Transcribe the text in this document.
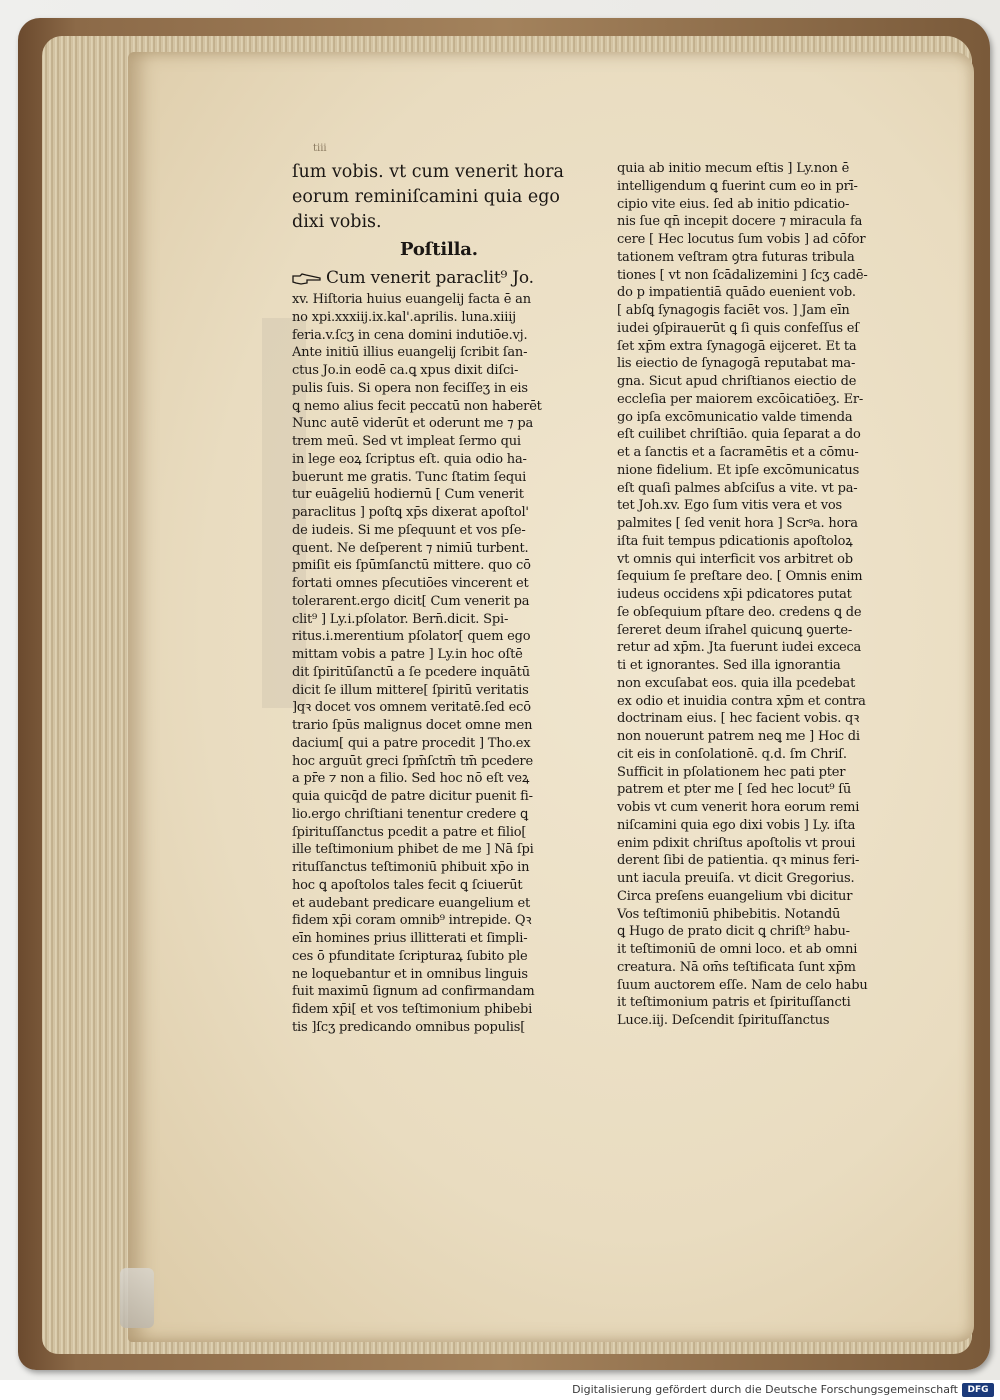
tiii
ſum vobis. vt cum venerit hora
eorum reminiſcamini quia ego
dixi vobis.
Poſtilla.
Cum venerit paraclit⁹ Jo.
xv. Hiſtoria huius euangelij facta ē an
no xpi.xxxiij.ix.kal'.aprilis. luna.xiiij
feria.v.ſcʒ in cena domini indutiōe.vj.
Ante initiū illius euangelij ſcribit ſan-
ctus Jo.in eodē ca.ꝗ xpus dixit diſci-
pulis ſuis. Si opera non feciſſeʒ in eis
ꝗ nemo alius fecit peccatū non haberēt
Nunc autē viderūt et oderunt me ⁊ pa
trem meū. Sed vt impleat ſermo qui
in lege eoꝝ ſcriptus eſt. quia odio ha-
buerunt me gratis. Tunc ſtatim ſequi
tur euāgeliū hodiernū [ Cum venerit
paraclitus ] poſtꝗ xp̄s dixerat apoſtol'
de iudeis. Si me pſequunt et vos pſe-
quent. Ne deſperent ⁊ nimiū turbent.
pmiſit eis ſpūmſanctū mittere. quo cō
fortati omnes pſecutiōes vincerent et
tolerarent.ergo dicit[ Cum venerit pa
clit⁹ ] Ly.i.pſolator. Bern̄.dicit. Spi-
ritus.i.merentium pſolator[ quem ego
mittam vobis a patre ] Ly.in hoc oſtē
dit ſpiritūſanctū a ſe pcedere inquātū
dicit ſe illum mittere[ ſpiritū veritatis
]qꝛ docet vos omnem veritatē.ſed ecō
trario ſpūs malignus docet omne men
dacium[ qui a patre procedit ] Tho.ex
hoc arguūt greci ſpm̄ſctm̄ tm̄ pcedere
a pr̄e ⁊ non a filio. Sed hoc nō eſt veꝝ
quia quicq̄d de patre dicitur puenit fi-
lio.ergo chriſtiani tenentur credere ꝗ
ſpirituſſanctus pcedit a patre et filio[
ille teſtimonium phibet de me ] Nā ſpi
rituſſanctus teſtimoniū phibuit xp̄o in
hoc ꝗ apoſtolos tales fecit ꝗ ſciuerūt
et audebant predicare euangelium et
fidem xp̄i coram omnib⁹ intrepide. Qꝛ
eīn homines prius illitterati et ſimpli-
ces ō pfunditate ſcripturaꝝ ſubito ple
ne loquebantur et in omnibus linguis
fuit maximū ſignum ad confirmandam
fidem xp̄i[ et vos teſtimonium phibebi
tis ]ſcʒ predicando omnibus populis[
quia ab initio mecum eſtis ] Ly.non ē
intelligendum ꝗ fuerint cum eo in prī-
cipio vite eius. ſed ab initio pdicatio-
nis ſue qn̄ incepit docere ⁊ miracula fa
cere [ Hec locutus ſum vobis ] ad cōfor
tationem veſtram ꝯtra futuras tribula
tiones [ vt non ſcādalizemini ] ſcʒ cadē-
do p impatientiā quādo euenient vob.
[ abſꝗ ſynagogis faciēt vos. ] Jam eīn
iudei ꝯſpirauerūt ꝗ ſi quis confeſſus eſ
ſet xp̄m extra ſynagogā eijceret. Et ta
lis eiectio de ſynagogā reputabat ma-
gna. Sicut apud chriſtianos eiectio de
eccleſia per maiorem excōicatiōeʒ. Er-
go ipſa excōmunicatio valde timenda
eſt cuilibet chriſtiāo. quia ſeparat a do
et a ſanctis et a ſacramētis et a cōmu-
nione fidelium. Et ipſe excōmunicatus
eſt quaſi palmes abſciſus a vite. vt pa-
tet Joh.xv. Ego ſum vitis vera et vos
palmites [ ſed venit hora ] Scrꝰa. hora
iſta fuit tempus pdicationis apoſtoloꝝ
vt omnis qui interficit vos arbitret ob
ſequium ſe preſtare deo. [ Omnis enim
iudeus occidens xp̄i pdicatores putat
ſe obſequium pſtare deo. credens ꝗ de
ſereret deum iſrahel quicunꝗ ꝯuerte-
retur ad xp̄m. Jta fuerunt iudei exceca
ti et ignorantes. Sed illa ignorantia
non excuſabat eos. quia illa pcedebat
ex odio et inuidia contra xp̄m et contra
doctrinam eius. [ hec facient vobis. qꝛ
non nouerunt patrem neꝗ me ] Hoc di
cit eis in conſolationē. q.d. ſm Chriſ.
Sufficit in pſolationem hec pati pter
patrem et pter me [ ſed hec locut⁹ ſū
vobis vt cum venerit hora eorum remi
niſcamini quia ego dixi vobis ] Ly. iſta
enim pdixit chriſtus apoſtolis vt proui
derent ſibi de patientia. qꝛ minus feri-
unt iacula preuiſa. vt dicit Gregorius.
Circa preſens euangelium vbi dicitur
Vos teſtimoniū phibebitis. Notandū
ꝗ Hugo de prato dicit ꝗ chriſt⁹ habu-
it teſtimoniū de omni loco. et ab omni
creatura. Nā om̄s teſtificata ſunt xp̄m
ſuum auctorem eſſe. Nam de celo habu
it teſtimonium patris et ſpirituſſancti
Luce.iij. Deſcendit ſpirituſſanctus
Digitalisierung gefördert durch die Deutsche Forschungsgemeinschaft	DFG
